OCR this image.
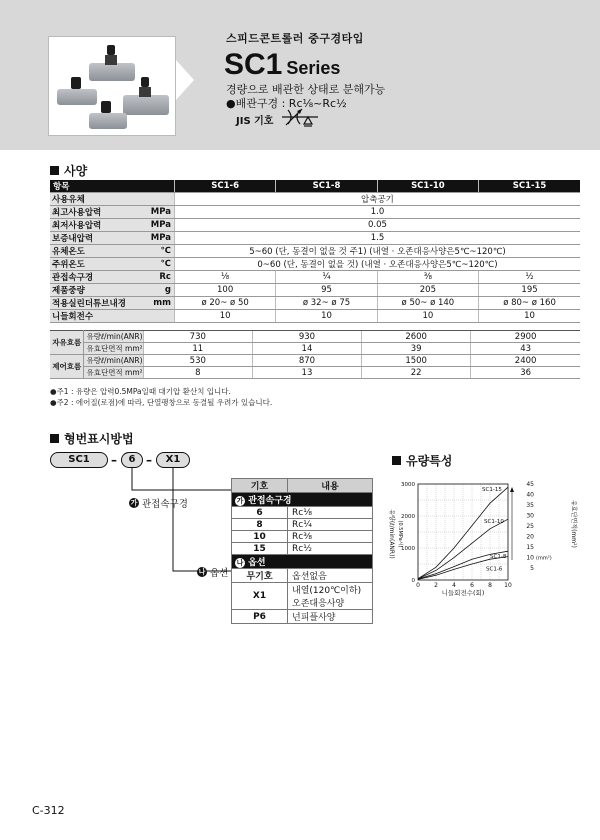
스피드콘트롤러 중구경타입
SC1 Series
경량으로 배관한 상태로 분해가능
●배관구경 : Rc⅛~Rc½
JIS 기호
사양
항목		SC1-6	SC1-8	SC1-10	SC1-15
사용유체		압축공기			
최고사용압력	MPa	1.0			
최저사용압력	MPa	0.05			
보증내압력	MPa	1.5			
유체온도	℃	5~60 (단, 동결이 없을 것 주1) (내열 · 오존대응사양은5℃~120℃)			
주위온도	℃	0~60 (단, 동결이 없을 것) (내열 · 오존대응사양은5℃~120℃)			
관접속구경	Rc	⅛	¼	⅜	½
제품중량	g	100	95	205	195
적용실린더튜브내경	mm	ø 20~ ø 50	ø 32~ ø 75	ø 50~ ø 140	ø 80~ ø 160
니들회전수		10	10	10	10
자유흐름	유량ℓ/min(ANR)	730	930	2600	2900
	유효단면적 mm²	11	14	39	43
제어흐름	유량ℓ/min(ANR)	530	870	1500	2400
	유효단면적 mm²	8	13	22	36
●주1 : 유량은 압력0.5MPa일때 대기압 환산치 입니다.
●주2 : 에어질(로점)에 따라, 단열팽창으로 동결될 우려가 있습니다.
형번표시방법
SC1	–	6 –	X1
가 관접속구경
나 옵션
기호	내용
가 관접속구경	
6	Rc⅛
8	Rc¼
10	Rc⅜
15	Rc½
나 옵션	
무기호	옵션없음
X1	내열(120℃이하)
오존대응사양

P6	넌피플사양
유량특성
0 2 4 6 8 10
0
1000
2000
3000
5
10
15
20
25
30
35
40
45
SC1-15
SC1-10
SC1-8
SC1-6
니들회전수(회)
유량(ℓ/min(ANR)) (0.5MPa시)	유효단면적(mm²)
(mm²)
C-312
